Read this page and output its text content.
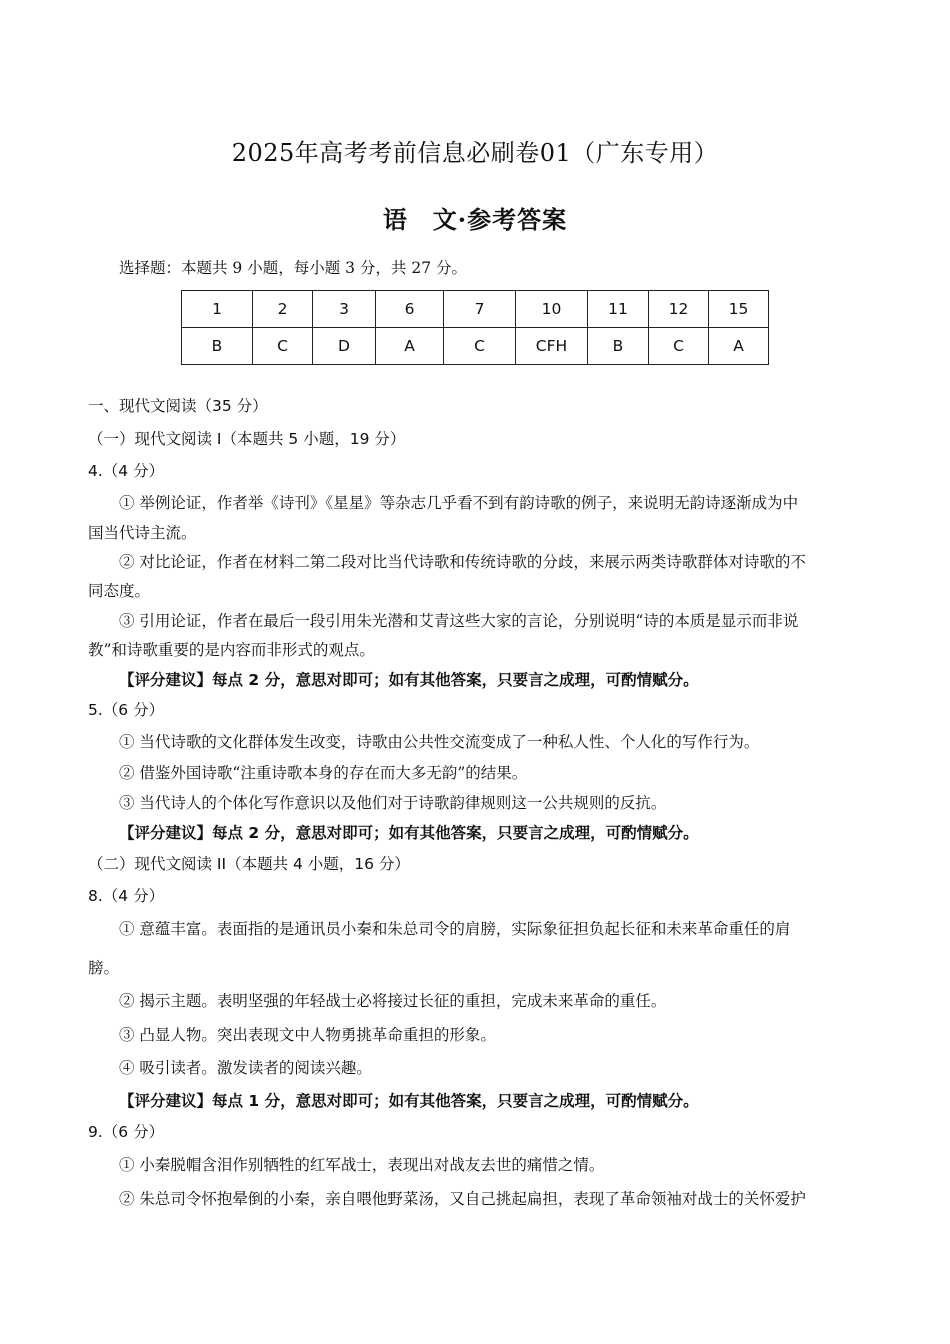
2025年高考考前信息必刷卷01（广东专用）
语　文·参考答案
选择题：本题共 9 小题，每小题 3 分，共 27 分。
1	2	3	6	7	10	11	12	15
B	C	D	A	C	CFH	B	C	A
一、现代文阅读（35 分）
（一）现代文阅读 I（本题共 5 小题，19 分）
4.（4 分）
① 举例论证，作者举《诗刊》《星星》等杂志几乎看不到有韵诗歌的例子，来说明无韵诗逐渐成为中
国当代诗主流。
② 对比论证，作者在材料二第二段对比当代诗歌和传统诗歌的分歧，来展示两类诗歌群体对诗歌的不
同态度。
③ 引用论证，作者在最后一段引用朱光潜和艾青这些大家的言论，分别说明“诗的本质是显示而非说
教”和诗歌重要的是内容而非形式的观点。
【评分建议】每点 2 分，意思对即可；如有其他答案，只要言之成理，可酌情赋分。
5.（6 分）
① 当代诗歌的文化群体发生改变，诗歌由公共性交流变成了一种私人性、个人化的写作行为。
② 借鉴外国诗歌“注重诗歌本身的存在而大多无韵”的结果。
③ 当代诗人的个体化写作意识以及他们对于诗歌韵律规则这一公共规则的反抗。
【评分建议】每点 2 分，意思对即可；如有其他答案，只要言之成理，可酌情赋分。
（二）现代文阅读 II（本题共 4 小题，16 分）
8.（4 分）
① 意蕴丰富。表面指的是通讯员小秦和朱总司令的肩膀，实际象征担负起长征和未来革命重任的肩
膀。
② 揭示主题。表明坚强的年轻战士必将接过长征的重担，完成未来革命的重任。
③ 凸显人物。突出表现文中人物勇挑革命重担的形象。
④ 吸引读者。激发读者的阅读兴趣。
【评分建议】每点 1 分，意思对即可；如有其他答案，只要言之成理，可酌情赋分。
9.（6 分）
① 小秦脱帽含泪作别牺牲的红军战士，表现出对战友去世的痛惜之情。
② 朱总司令怀抱晕倒的小秦，亲自喂他野菜汤，又自己挑起扁担，表现了革命领袖对战士的关怀爱护
